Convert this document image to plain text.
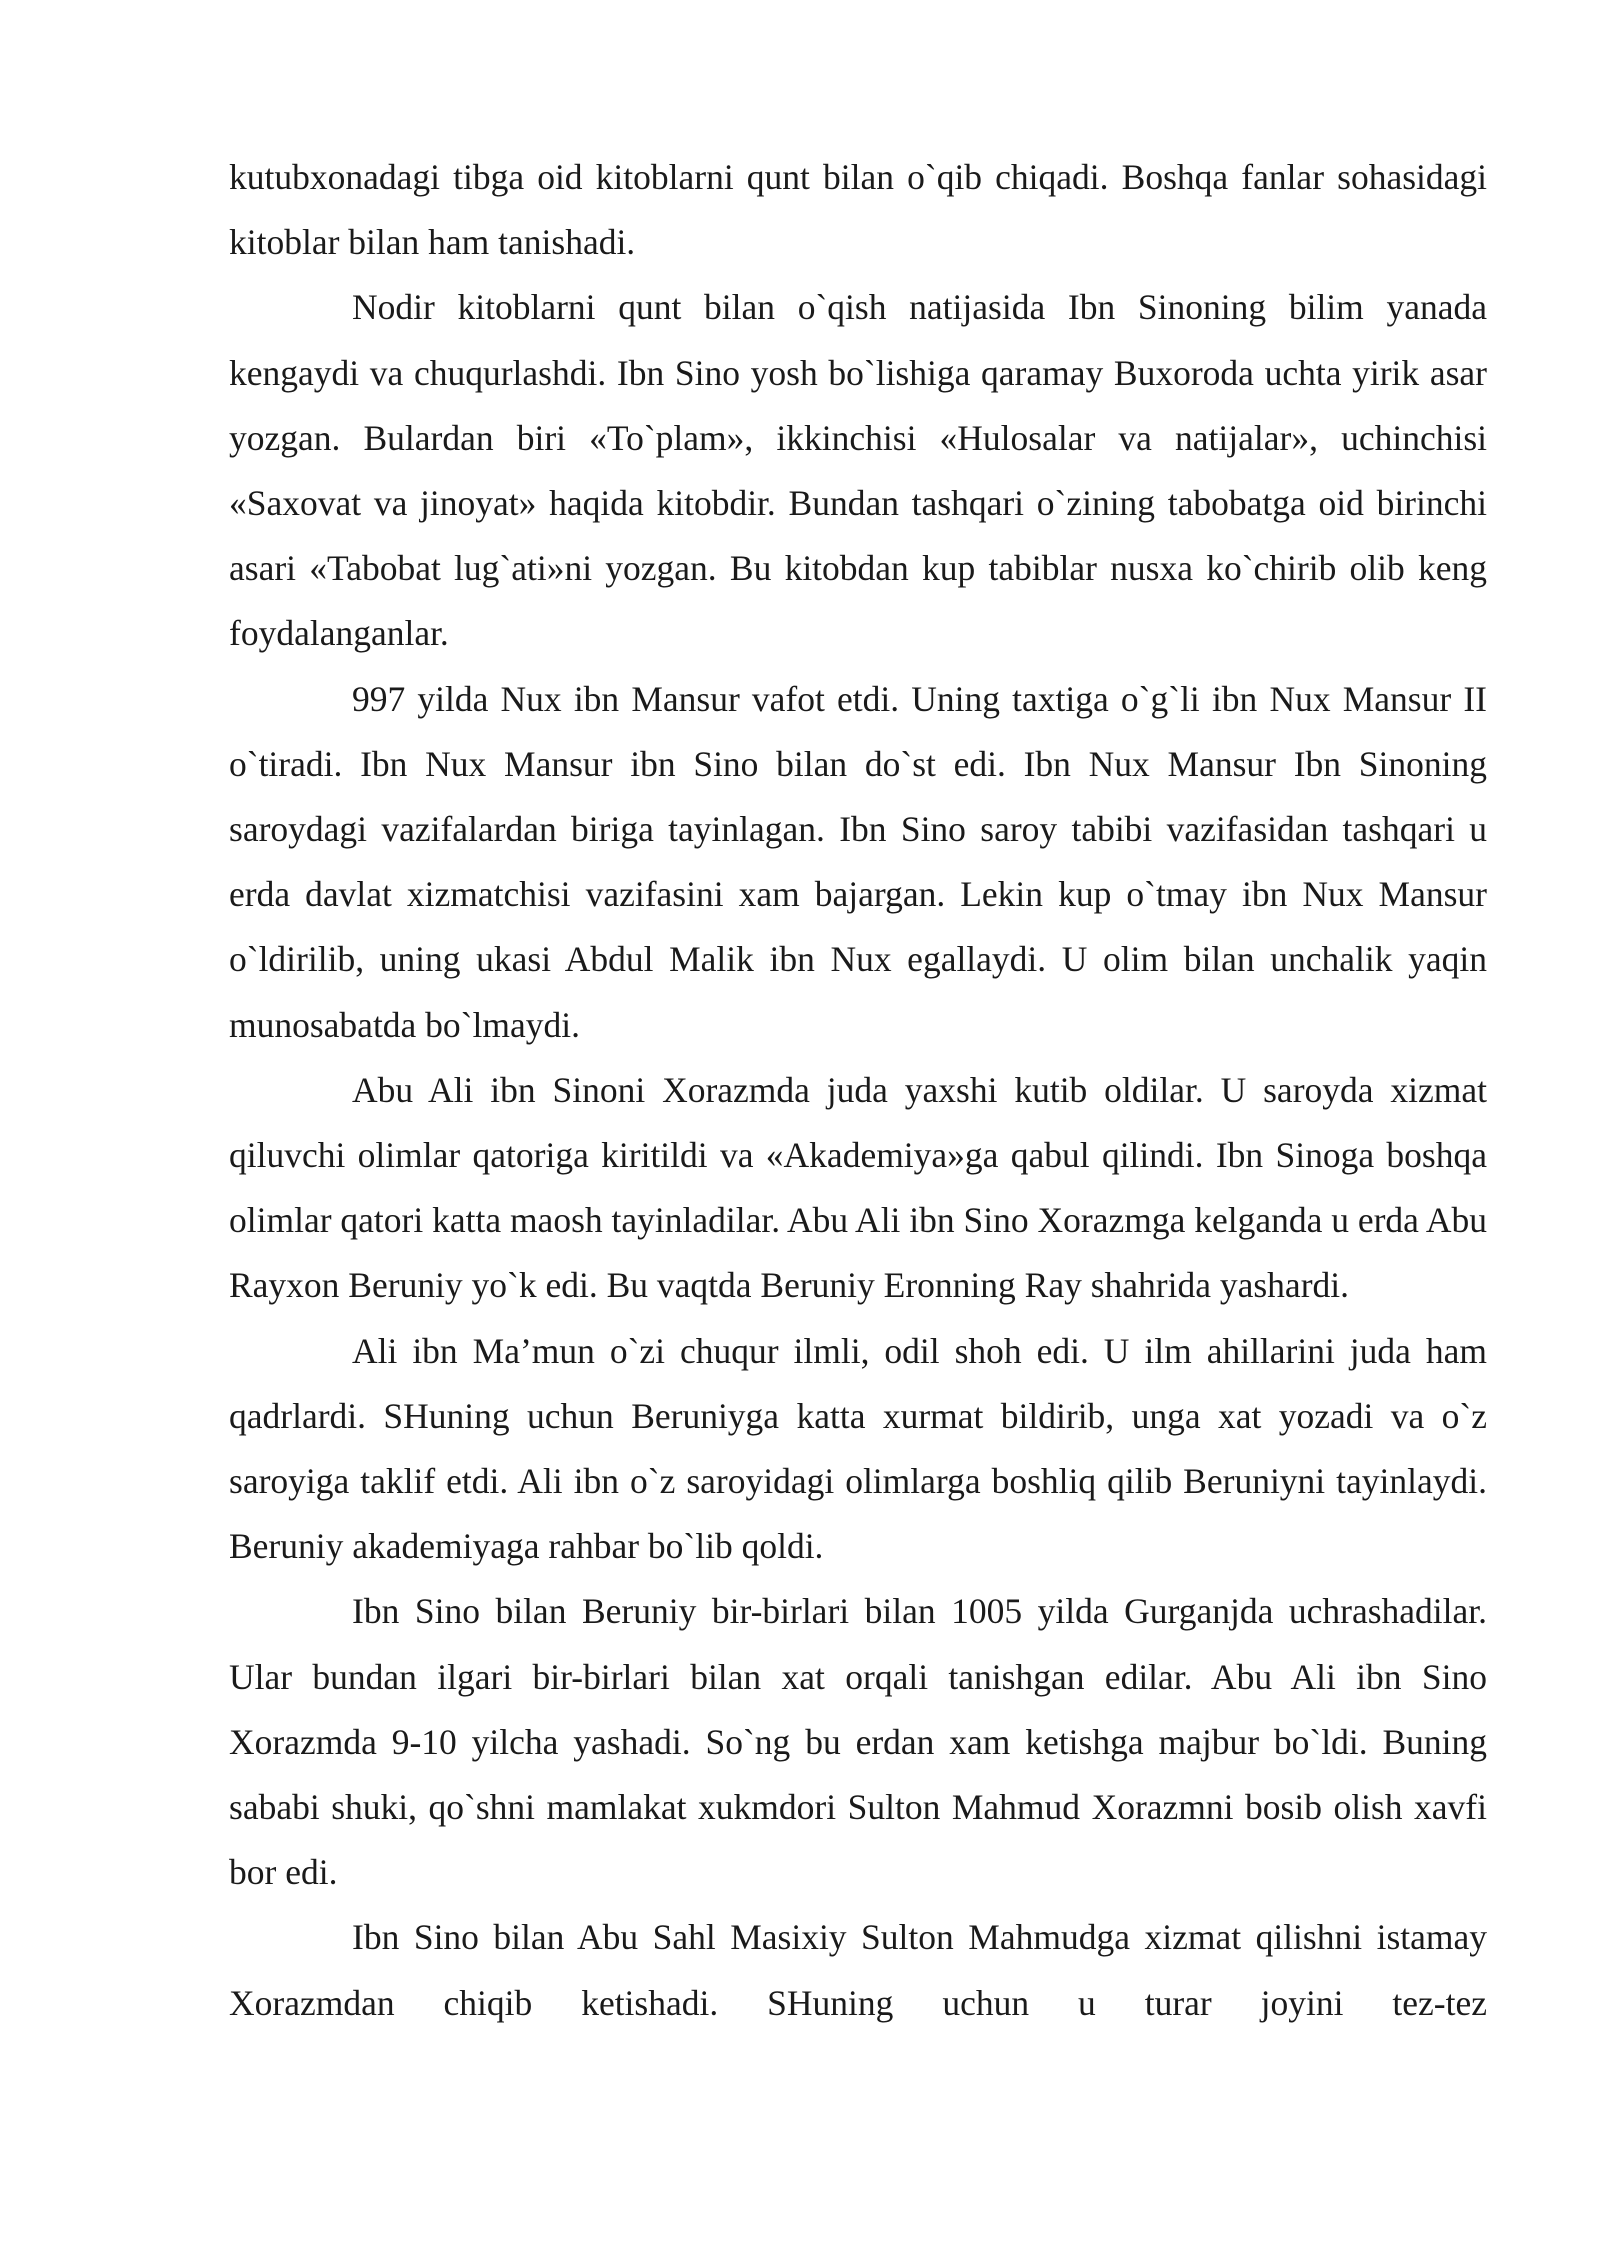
kutubxonadagi tibga oid kitoblarni qunt bilan o`qib chiqadi. Boshqa fanlar sohasidagi kitoblar bilan ham tanishadi.

Nodir kitoblarni qunt bilan o`qish natijasida Ibn Sinoning bilim yanada kengaydi va chuqurlashdi. Ibn Sino yosh bo`lishiga qaramay Buxoroda uchta yirik asar yozgan. Bulardan biri «To`plam», ikkinchisi «Hulosalar va natijalar», uchinchisi «Saxovat va jinoyat» haqida kitobdir. Bundan tashqari o`zining tabobatga oid birinchi asari «Tabobat lug`ati»ni yozgan. Bu kitobdan kup tabiblar nusxa ko`chirib olib keng foydalanganlar.

997 yilda Nux ibn Mansur vafot etdi. Uning taxtiga o`g`li ibn Nux Mansur II o`tiradi. Ibn Nux Mansur ibn Sino bilan do`st edi. Ibn Nux Mansur Ibn Sinoning saroydagi vazifalardan biriga tayinlagan. Ibn Sino saroy tabibi vazifasidan tashqari u erda davlat xizmatchisi vazifasini xam bajargan. Lekin kup o`tmay ibn Nux Mansur o`ldirilib, uning ukasi Abdul Malik ibn Nux egallaydi. U olim bilan unchalik yaqin munosabatda bo`lmaydi.

Abu Ali ibn Sinoni Xorazmda juda yaxshi kutib oldilar. U saroyda xizmat qiluvchi olimlar qatoriga kiritildi va «Akademiya»ga qabul qilindi. Ibn Sinoga boshqa olimlar qatori katta maosh tayinladilar. Abu Ali ibn Sino Xorazmga kelganda u erda Abu Rayxon Beruniy yo`k edi. Bu vaqtda Beruniy Eronning Ray shahrida yashardi.

Ali ibn Ma’mun o`zi chuqur ilmli, odil shoh edi. U ilm ahillarini juda ham qadrlardi. SHuning uchun Beruniyga katta xurmat bildirib, unga xat yozadi va o`z saroyiga taklif etdi. Ali ibn o`z saroyidagi olimlarga boshliq qilib Beruniyni tayinlaydi. Beruniy akademiyaga rahbar bo`lib qoldi.

Ibn Sino bilan Beruniy bir-birlari bilan 1005 yilda Gurganjda uchrashadilar. Ular bundan ilgari bir-birlari bilan xat orqali tanishgan edilar. Abu Ali ibn Sino Xorazmda 9-10 yilcha yashadi. So`ng bu erdan xam ketishga majbur bo`ldi. Buning sababi shuki, qo`shni mamlakat xukmdori Sulton Mahmud Xorazmni bosib olish xavfi bor edi.

Ibn Sino bilan Abu Sahl Masixiy Sulton Mahmudga xizmat qilishni istamay Xorazmdan chiqib ketishadi. SHuning uchun u turar joyini tez-tez
